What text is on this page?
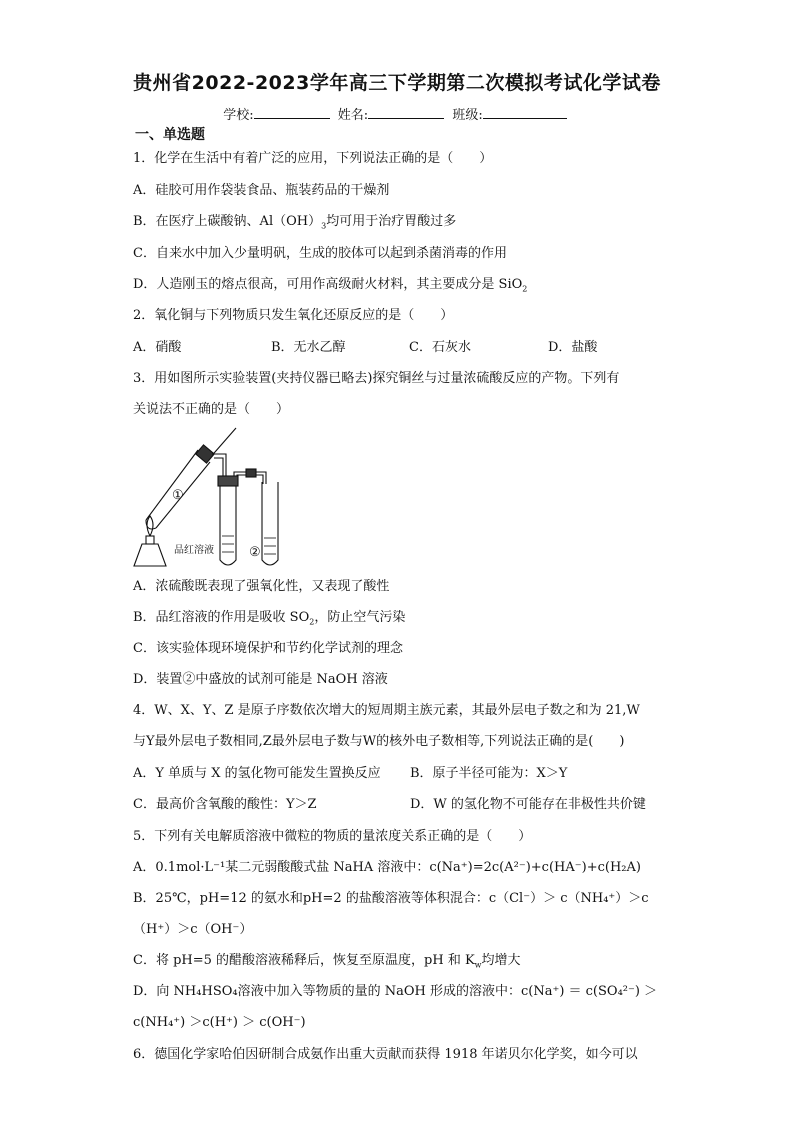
贵州省2022-2023学年高三下学期第二次模拟考试化学试卷
学校:	姓名:	班级:
一、单选题
1．化学在生活中有着广泛的应用，下列说法正确的是（　　）
A．硅胶可用作袋装食品、瓶装药品的干燥剂
B．在医疗上碳酸钠、$Al(OH)_3$均可用于治疗胃酸过多
C．自来水中加入少量明矾，生成的胶体可以起到杀菌消毒的作用
D．人造刚玉的熔点很高，可用作高级耐火材料，其主要成分是 SiO$_2$
2．氧化铜与下列物质只发生氧化还原反应的是（　　）
A．硝酸	B．无水乙醇	C．石灰水	D．盐酸
3．用如图所示实验装置(夹持仪器已略去)探究铜丝与过量浓硫酸反应的产物。下列有
关说法不正确的是（　　）
①
②
品红溶液
A．浓硫酸既表现了强氧化性，又表现了酸性
B．品红溶液的作用是吸收 $SO_2$，防止空气污染
C．该实验体现环境保护和节约化学试剂的理念
D．装置②中盛放的试剂可能是 NaOH 溶液
4．W、X、Y、Z 是原子序数依次增大的短周期主族元素，其最外层电子数之和为 21,W
与Y最外层电子数相同,Z最外层电子数与W的核外电子数相等,下列说法正确的是(　　)
A．Y 单质与 X 的氢化物可能发生置换反应 B．原子半径可能为：X＞Y
C．最高价含氧酸的酸性：Y＞Z	D．W 的氢化物不可能存在非极性共价键
5．下列有关电解质溶液中微粒的物质的量浓度关系正确的是（　　）
A．0.1mol·L⁻¹某二元弱酸酸式盐 NaHA 溶液中：c(Na⁺)=2c(A²⁻)+c(HA⁻)+c(H₂A)
B．25℃，pH=12 的氨水和pH=2 的盐酸溶液等体积混合：c（Cl⁻）＞ c（NH₄⁺）＞c
（H⁺）＞c（OH⁻）
C．将 pH=5 的醋酸溶液稀释后，恢复至原温度，pH 和 $K_w$均增大
D．向 NH₄HSO₄溶液中加入等物质的量的 NaOH 形成的溶液中：c(Na⁺) ＝ c(SO₄²⁻) ＞
c(NH₄⁺) ＞c(H⁺) ＞ c(OH⁻)
6．德国化学家哈伯因研制合成氨作出重大贡献而获得 1918 年诺贝尔化学奖，如今可以
